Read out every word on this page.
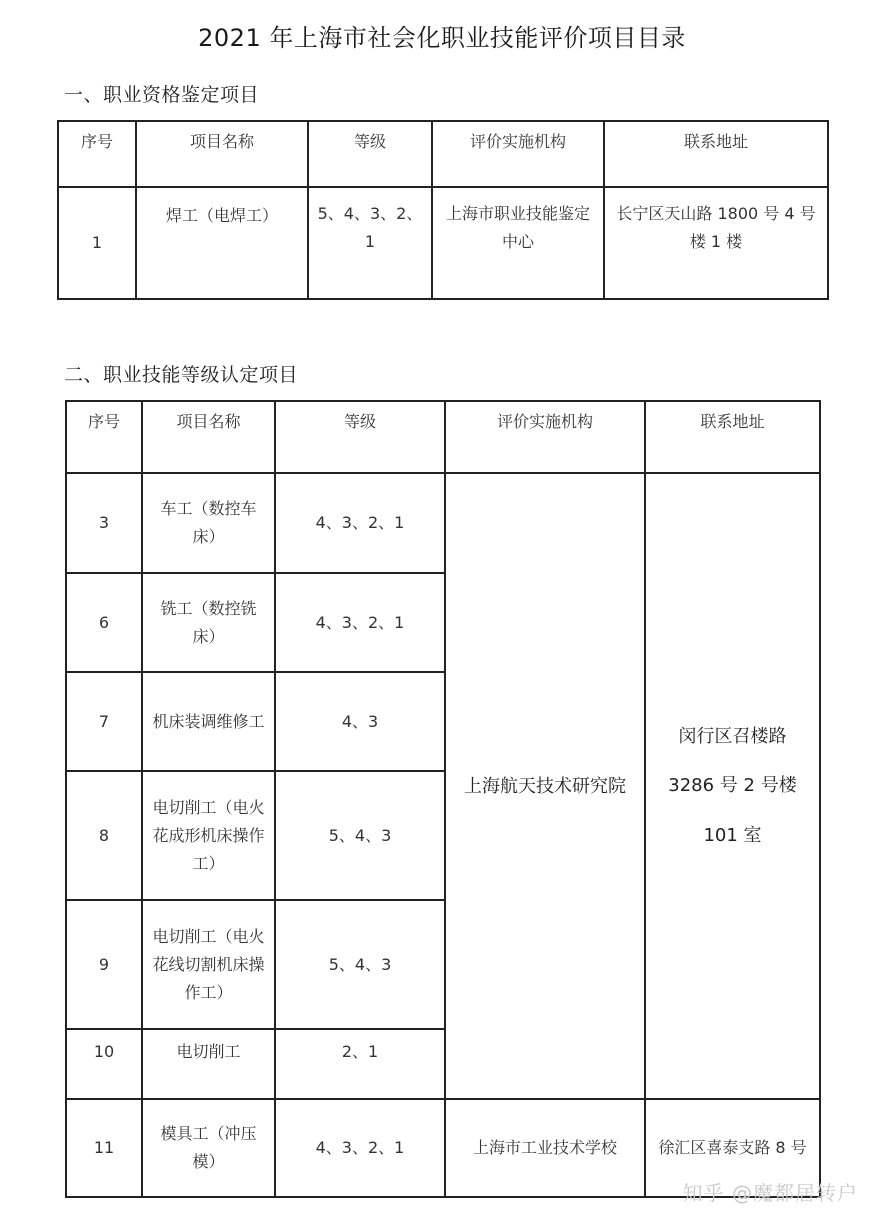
2021 年上海市社会化职业技能评价项目目录
一、职业资格鉴定项目
序号	项目名称	等级	评价实施机构	联系地址
1	焊工（电焊工）	5、4、3、2、1	上海市职业技能鉴定中心	长宁区天山路 1800 号 4 号楼 1 楼
二、职业技能等级认定项目
序号	项目名称	等级	评价实施机构	联系地址
3	车工（数控车床）	4、3、2、1	上海航天技术研究院	闵行区召楼路
3286 号 2 号楼
101 室

6	铣工（数控铣床）	4、3、2、1		
7	机床装调维修工	4、3		
8	电切削工（电火花成形机床操作工）	5、4、3		
9	电切削工（电火花线切割机床操作工）	5、4、3		
10	电切削工	2、1		
11	模具工（冲压模）	4、3、2、1	上海市工业技术学校	徐汇区喜泰支路 8 号
知乎 @魔都居转户
